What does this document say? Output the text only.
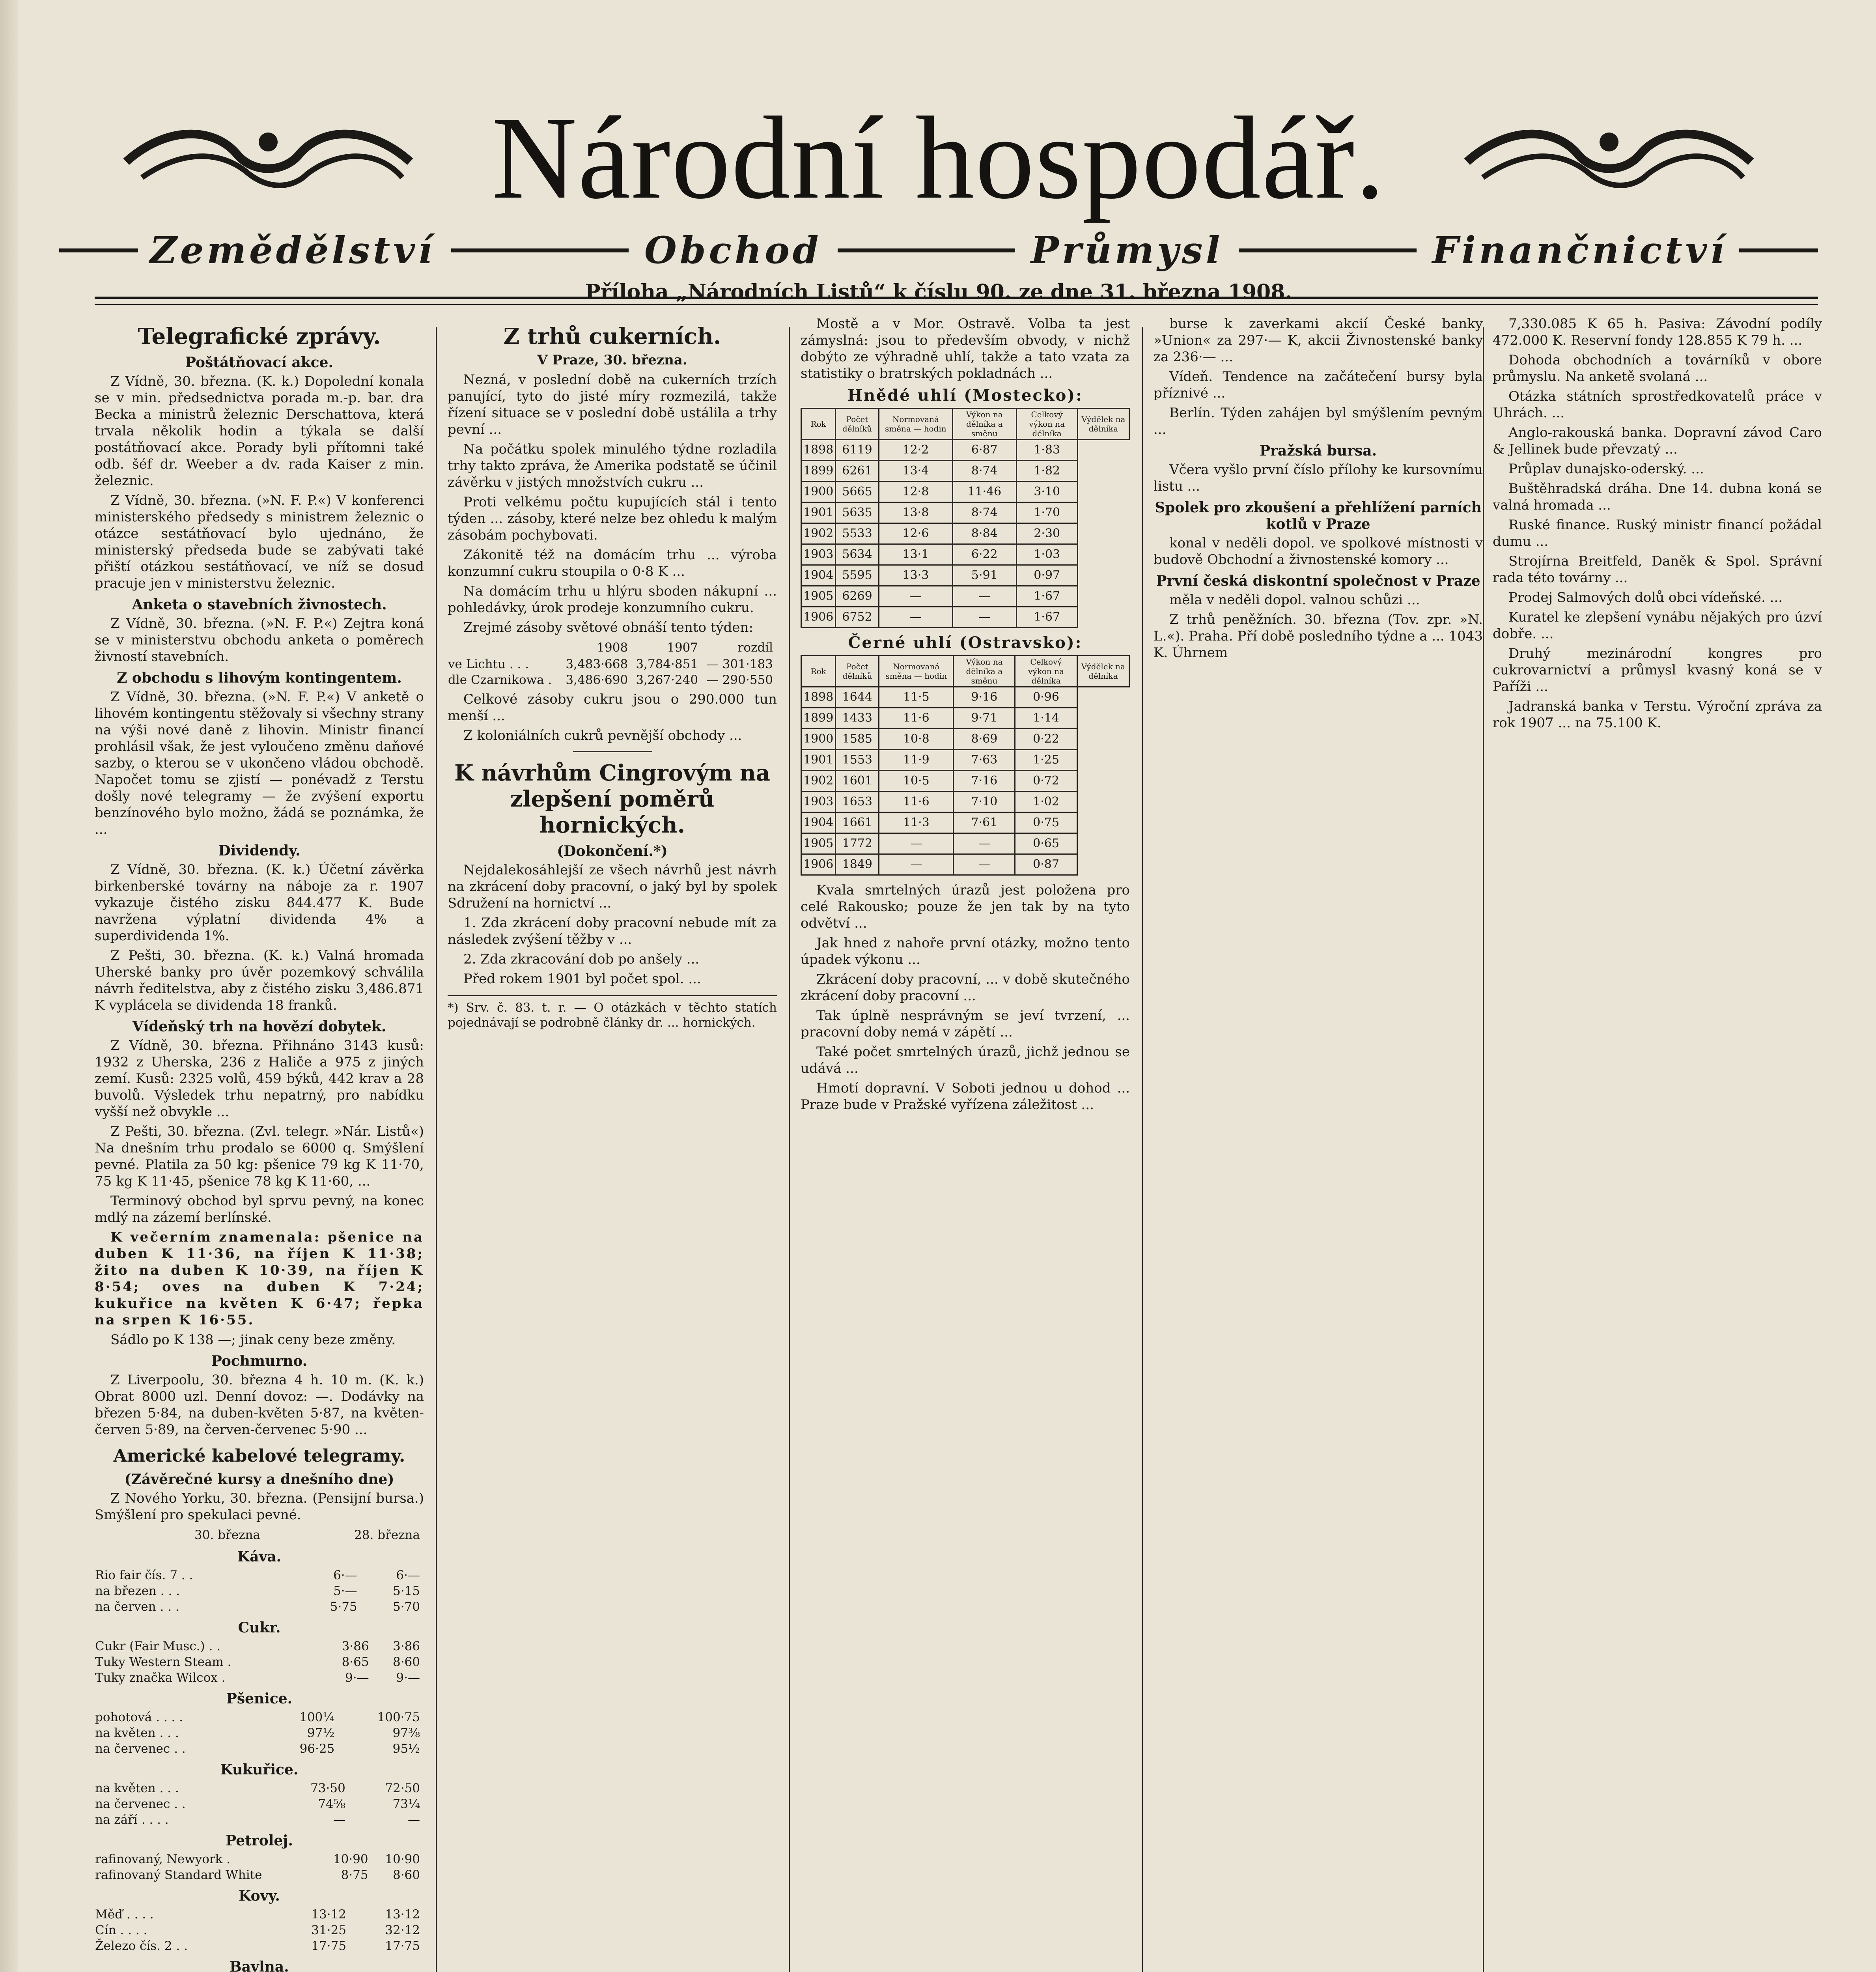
Národní hospodář.
Zemědělství	Obchod	Průmysl	Finančnictví
Příloha „Národních Listů“ k číslu 90. ze dne 31. března 1908.
Telegrafické zprávy.
Poštátňovací akce.

Z Vídně, 30. března. (K. k.) Dopolední konala se v min. předsednictva porada m.-p. bar. dra Becka a ministrů železnic Derschattova, která trvala několik hodin a týkala se další postátňovací akce. Porady byli přítomni také odb. šéf dr. Weeber a dv. rada Kaiser z min. železnic.

Z Vídně, 30. března. (»N. F. P.«) V konferenci ministerského předsedy s ministrem železnic o otázce sestátňovací bylo ujednáno, že ministerský předseda bude se zabývati také přiští otázkou sestátňovací, ve níž se dosud pracuje jen v ministerstvu železnic.

Anketa o stavebních živnostech.

Z Vídně, 30. března. (»N. F. P.«) Zejtra koná se v ministerstvu obchodu anketa o poměrech živností stavebních.

Z obchodu s lihovým kontingentem.

Z Vídně, 30. března. (»N. F. P.«) V anketě o lihovém kontingentu stěžovaly si všechny strany na výši nové daně z lihovin. Ministr financí prohlásil však, že jest vyloučeno změnu daňové sazby, o kterou se v ukončeno vládou obchodě. Napočet tomu se zjistí — ponévadž z Terstu došly nové telegramy — že zvýšení exportu benzínového bylo možno, žádá se poznámka, že ...

Dividendy.

Z Vídně, 30. března. (K. k.) Účetní závěrka birkenberské továrny na náboje za r. 1907 vykazuje čistého zisku 844.477 K. Bude navržena výplatní dividenda 4% a superdividenda 1%.

Z Pešti, 30. března. (K. k.) Valná hromada Uherské banky pro úvěr pozemkový schválila návrh ředitelstva, aby z čistého zisku 3,486.871 K vyplácela se dividenda 18 franků.

Vídeňský trh na hovězí dobytek.

Z Vídně, 30. března. Přihnáno 3143 kusů: 1932 z Uherska, 236 z Haliče a 975 z jiných zemí. Kusů: 2325 volů, 459 býků, 442 krav a 28 buvolů. Výsledek trhu nepatrný, pro nabídku vyšší než obvykle ...

Z Pešti, 30. března. (Zvl. telegr. »Nár. Listů«) Na dnešním trhu prodalo se 6000 q. Smýšlení pevné. Platila za 50 kg: pšenice 79 kg K 11·70, 75 kg K 11·45, pšenice 78 kg K 11·60, ...

Terminový obchod byl sprvu pevný, na konec mdlý na zázemí berlínské.

K večerním znamenala: pšenice na duben K 11·36, na říjen K 11·38; žito na duben K 10·39, na říjen K 8·54; oves na duben K 7·24; kukuřice na květen K 6·47; řepka na srpen K 16·55.

Sádlo po K 138 —; jinak ceny beze změny.

Pochmurno.

Z Liverpoolu, 30. března 4 h. 10 m. (K. k.) Obrat 8000 uzl. Denní dovoz: —. Dodávky na březen 5·84, na duben-květen 5·87, na květen-červen 5·89, na červen-červenec 5·90 ...

Americké kabelové telegramy.
(Závěrečné kursy a dnešního dne)

Z Nového Yorku, 30. března. (Pensijní bursa.) Smýšlení pro spekulaci pevné.

	30. března	28. března
Káva.
Rio fair čís. 7 . .	6·—	6·—
na březen . . .	5·—	5·15
na červen . . .	5·75	5·70
Cukr.
Cukr (Fair Musc.) . .	3·86	3·86
Tuky Western Steam .	8·65	8·60
Tuky značka Wilcox .	9·—	9·—
Pšenice.
pohotová . . . .	100¼	100·75
na květen . . .	97½	97⅜
na červenec . .	96·25	95½
Kukuřice.
na květen . . .	73·50	72·50
na červenec . .	74⅝	73¼
na září . . . .	—	—
Petrolej.
rafinovaný, Newyork .	10·90	10·90
rafinovaný Standard White	8·75	8·60
Kovy.
Měď . . . .	13·12	13·12
Cín . . . .	31·25	32·12
Železo čís. 2 . .	17·75	17·75
Bavlna.

Z trhů cukerních.
V Praze, 30. března.

Nezná, v poslední době na cukerních trzích panující, tyto do jisté míry rozmezilá, takže řízení situace se v poslední době ustálila a trhy pevní ...

Na počátku spolek minulého týdne rozladila trhy takto zpráva, že Amerika podstatě se účinil závěrku v jistých množstvích cukru ...

Proti velkému počtu kupujících stál i tento týden ... zásoby, které nelze bez ohledu k malým zásobám pochybovati.

Zákonitě též na domácím trhu ... výroba konzumní cukru stoupila o 0·8 K ...

Na domácím trhu u hlýru sboden nákupní ... pohledávky, úrok prodeje konzumního cukru.

Zrejmé zásoby světové obnáší tento týden:

	1908	1907	rozdíl
ve Lichtu . . .	3,483·668	3,784·851	— 301·183
dle Czarnikowa .	3,486·690	3,267·240	— 290·550

Celkové zásoby cukru jsou o 290.000 tun menší ...

Z koloniálních cukrů pevnější obchody ...

K návrhům Cingrovým na zlepšení poměrů hornických.
(Dokončení.*)

Nejdalekosáhlejší ze všech návrhů jest návrh na zkrácení doby pracovní, o jaký byl by spolek Sdružení na hornictví ...

1. Zda zkrácení doby pracovní nebude mít za následek zvýšení těžby v ...

2. Zda zkracování dob po anšely ...

Před rokem 1901 byl počet spol. ...

*) Srv. č. 83. t. r. — O otázkách v těchto statích pojednávají se podrobně články dr. ... hornických.

Mostě a v Mor. Ostravě. Volba ta jest zámyslná: jsou to především obvody, v nichž dobýto ze výhradně uhlí, takže a tato vzata za statistiky o bratrských pokladnách ...

Hnědé uhlí (Mostecko):
Rok	Počet dělníků	Normovaná směna — hodin	Výkon na dělníka a směnu	Celkový výkon na dělníka	Výdělek na dělníka
1898	6119	12·2	6·87	1·83	
1899	6261	13·4	8·74	1·82	
1900	5665	12·8	11·46	3·10	
1901	5635	13·8	8·74	1·70	
1902	5533	12·6	8·84	2·30	
1903	5634	13·1	6·22	1·03	
1904	5595	13·3	5·91	0·97	
1905	6269	—	—	1·67	
1906	6752	—	—	1·67	
Černé uhlí (Ostravsko):
Rok	Počet dělníků	Normovaná směna — hodin	Výkon na dělníka a směnu	Celkový výkon na dělníka	Výdělek na dělníka
1898	1644	11·5	9·16	0·96	
1899	1433	11·6	9·71	1·14	
1900	1585	10·8	8·69	0·22	
1901	1553	11·9	7·63	1·25	
1902	1601	10·5	7·16	0·72	
1903	1653	11·6	7·10	1·02	
1904	1661	11·3	7·61	0·75	
1905	1772	—	—	0·65	
1906	1849	—	—	0·87	

Kvala smrtelných úrazů jest položena pro celé Rakousko; pouze že jen tak by na tyto odvětví ...

Jak hned z nahoře první otázky, možno tento úpadek výkonu ...

Zkrácení doby pracovní, ... v době skutečného zkrácení doby pracovní ...

Tak úplně nesprávným se jeví tvrzení, ... pracovní doby nemá v zápětí ...

Také počet smrtelných úrazů, jichž jednou se udává ...

Hmotí dopravní. V Soboti jednou u dohod ... Praze bude v Pražské vyřízena záležitost ...

burse k zaverkami akcií České banky »Union« za 297·— K, akcii Živnostenské banky za 236·— ...

Vídeň. Tendence na začátečení bursy byla příznivé ...

Berlín. Týden zahájen byl smýšlením pevným ...

Pražská bursa.

Včera vyšlo první číslo přílohy ke kursovnímu listu ...

Spolek pro zkoušení a přehlížení parních kotlů v Praze

konal v neděli dopol. ve spolkové místnosti v budově Obchodní a živnostenské komory ...

První česká diskontní společnost v Praze

měla v neděli dopol. valnou schůzi ...

Z trhů peněžních. 30. března (Tov. zpr. »N. L.«). Praha. Pří době posledního týdne a ... 1043 K. Úhrnem

7,330.085 K 65 h. Pasiva: Závodní podíly 472.000 K. Reservní fondy 128.855 K 79 h. ...

Dohoda obchodních a továrníků v obore průmyslu. Na anketě svolaná ...

Otázka státních sprostředkovatelů práce v Uhrách. ...

Anglo-rakouská banka. Dopravní závod Caro & Jellinek bude převzatý ...

Průplav dunajsko-oderský. ...

Buštěhradská dráha. Dne 14. dubna koná se valná hromada ...

Ruské finance. Ruský ministr financí požádal dumu ...

Strojírna Breitfeld, Daněk & Spol. Správní rada této továrny ...

Prodej Salmových dolů obci vídeňské. ...

Kuratel ke zlepšení vynábu nějakých pro úzví dobře. ...

Druhý mezinárodní kongres pro cukrovarnictví a průmysl kvasný koná se v Paříži ...

Jadranská banka v Terstu. Výroční zpráva za rok 1907 ... na 75.100 K.
